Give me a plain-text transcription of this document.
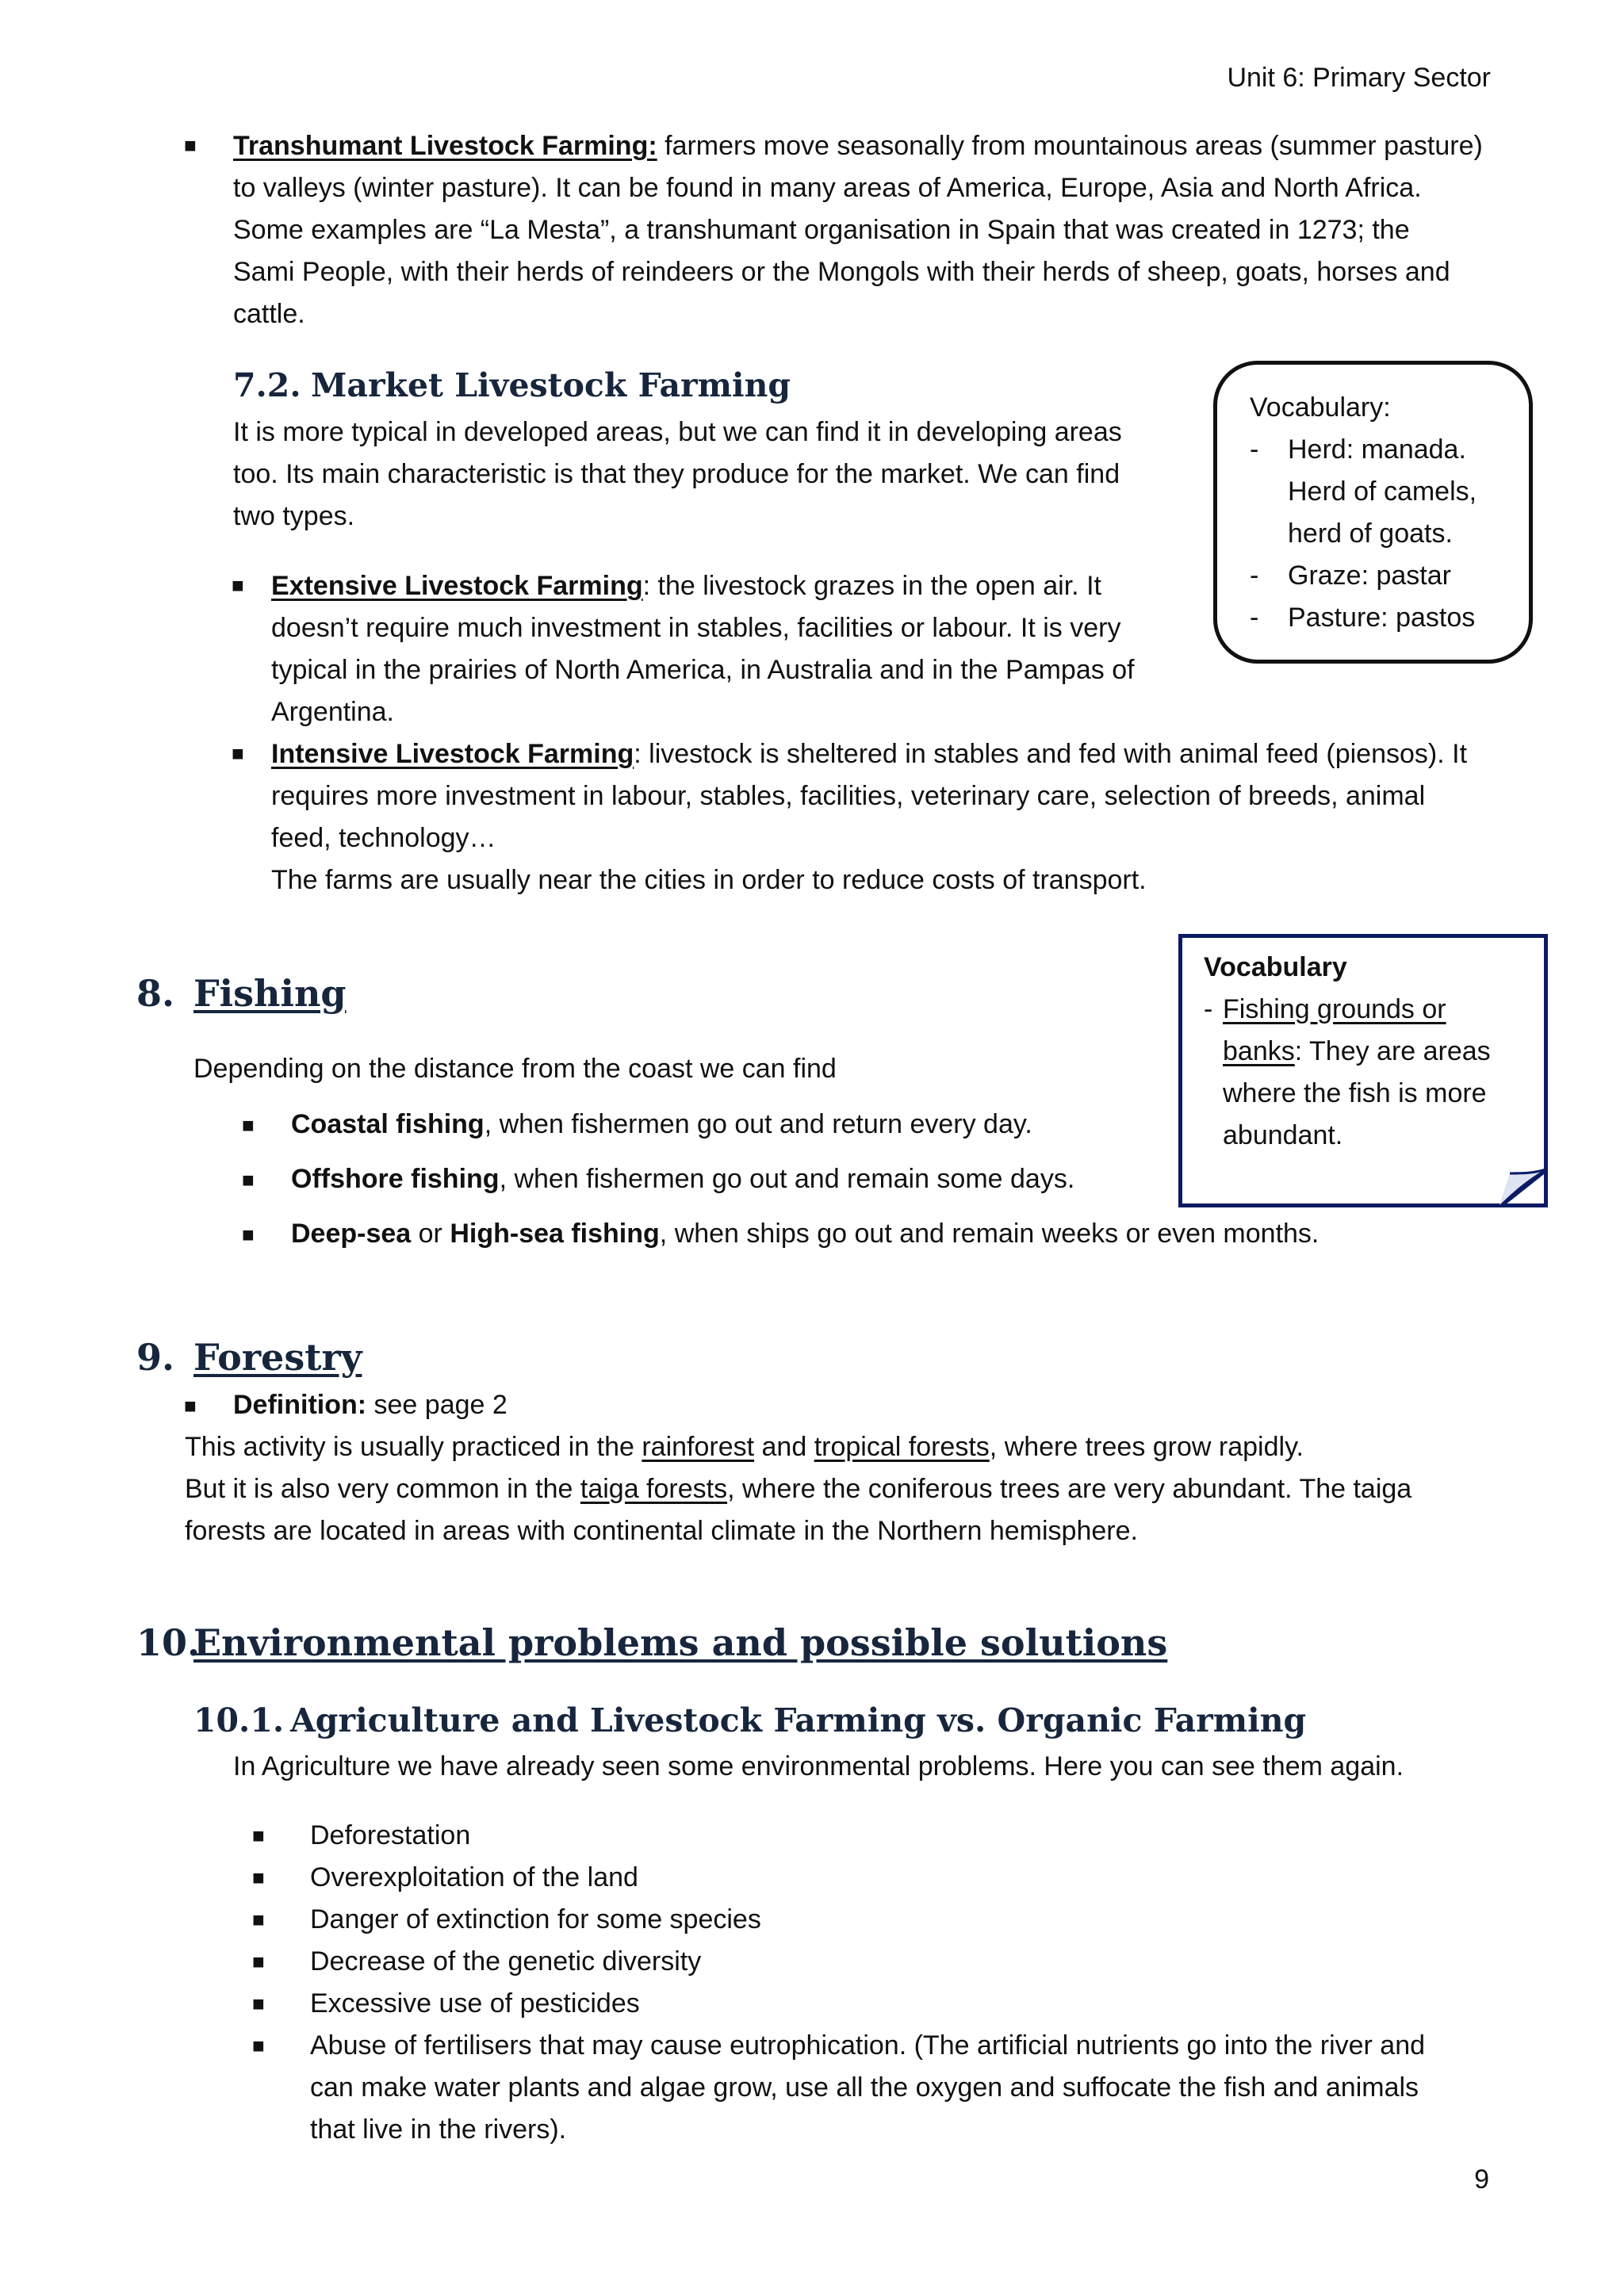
Unit 6: Primary Sector
■ Transhumant Livestock Farming: farmers move seasonally from mountainous areas (summer pasture)
to valleys (winter pasture). It can be found in many areas of America, Europe, Asia and North Africa.
Some examples are “La Mesta”, a transhumant organisation in Spain that was created in 1273; the
Sami People, with their herds of reindeers or the Mongols with their herds of sheep, goats, horses and
cattle.
7.2. Market Livestock Farming
It is more typical in developed areas, but we can find it in developing areas
too. Its main characteristic is that they produce for the market. We can find
two types.
■ Extensive Livestock Farming: the livestock grazes in the open air. It
doesn’t require much investment in stables, facilities or labour. It is very
typical in the prairies of North America, in Australia and in the Pampas of
Argentina.
■ Intensive Livestock Farming: livestock is sheltered in stables and fed with animal feed (piensos). It
requires more investment in labour, stables, facilities, veterinary care, selection of breeds, animal
feed, technology…
The farms are usually near the cities in order to reduce costs of transport.
Vocabulary:
- Herd: manada.
Herd of camels,
herd of goats.
- Graze: pastar
- Pasture: pastos
8. Fishing
Depending on the distance from the coast we can find
■ Coastal fishing, when fishermen go out and return every day.
■ Offshore fishing, when fishermen go out and remain some days.
■ Deep-sea or High-sea fishing, when ships go out and remain weeks or even months.
Vocabulary
- Fishing grounds or
banks: They are areas
where the fish is more
abundant.
9. Forestry
■ Definition: see page 2
This activity is usually practiced in the rainforest and tropical forests, where trees grow rapidly.
But it is also very common in the taiga forests, where the coniferous trees are very abundant. The taiga
forests are located in areas with continental climate in the Northern hemisphere.
10.
Environmental problems and possible solutions
10.1. Agriculture and Livestock Farming vs. Organic Farming
In Agriculture we have already seen some environmental problems. Here you can see them again.
■ Deforestation
■ Overexploitation of the land
■ Danger of extinction for some species
■ Decrease of the genetic diversity
■ Excessive use of pesticides
■ Abuse of fertilisers that may cause eutrophication. (The artificial nutrients go into the river and
can make water plants and algae grow, use all the oxygen and suffocate the fish and animals
that live in the rivers).
9
